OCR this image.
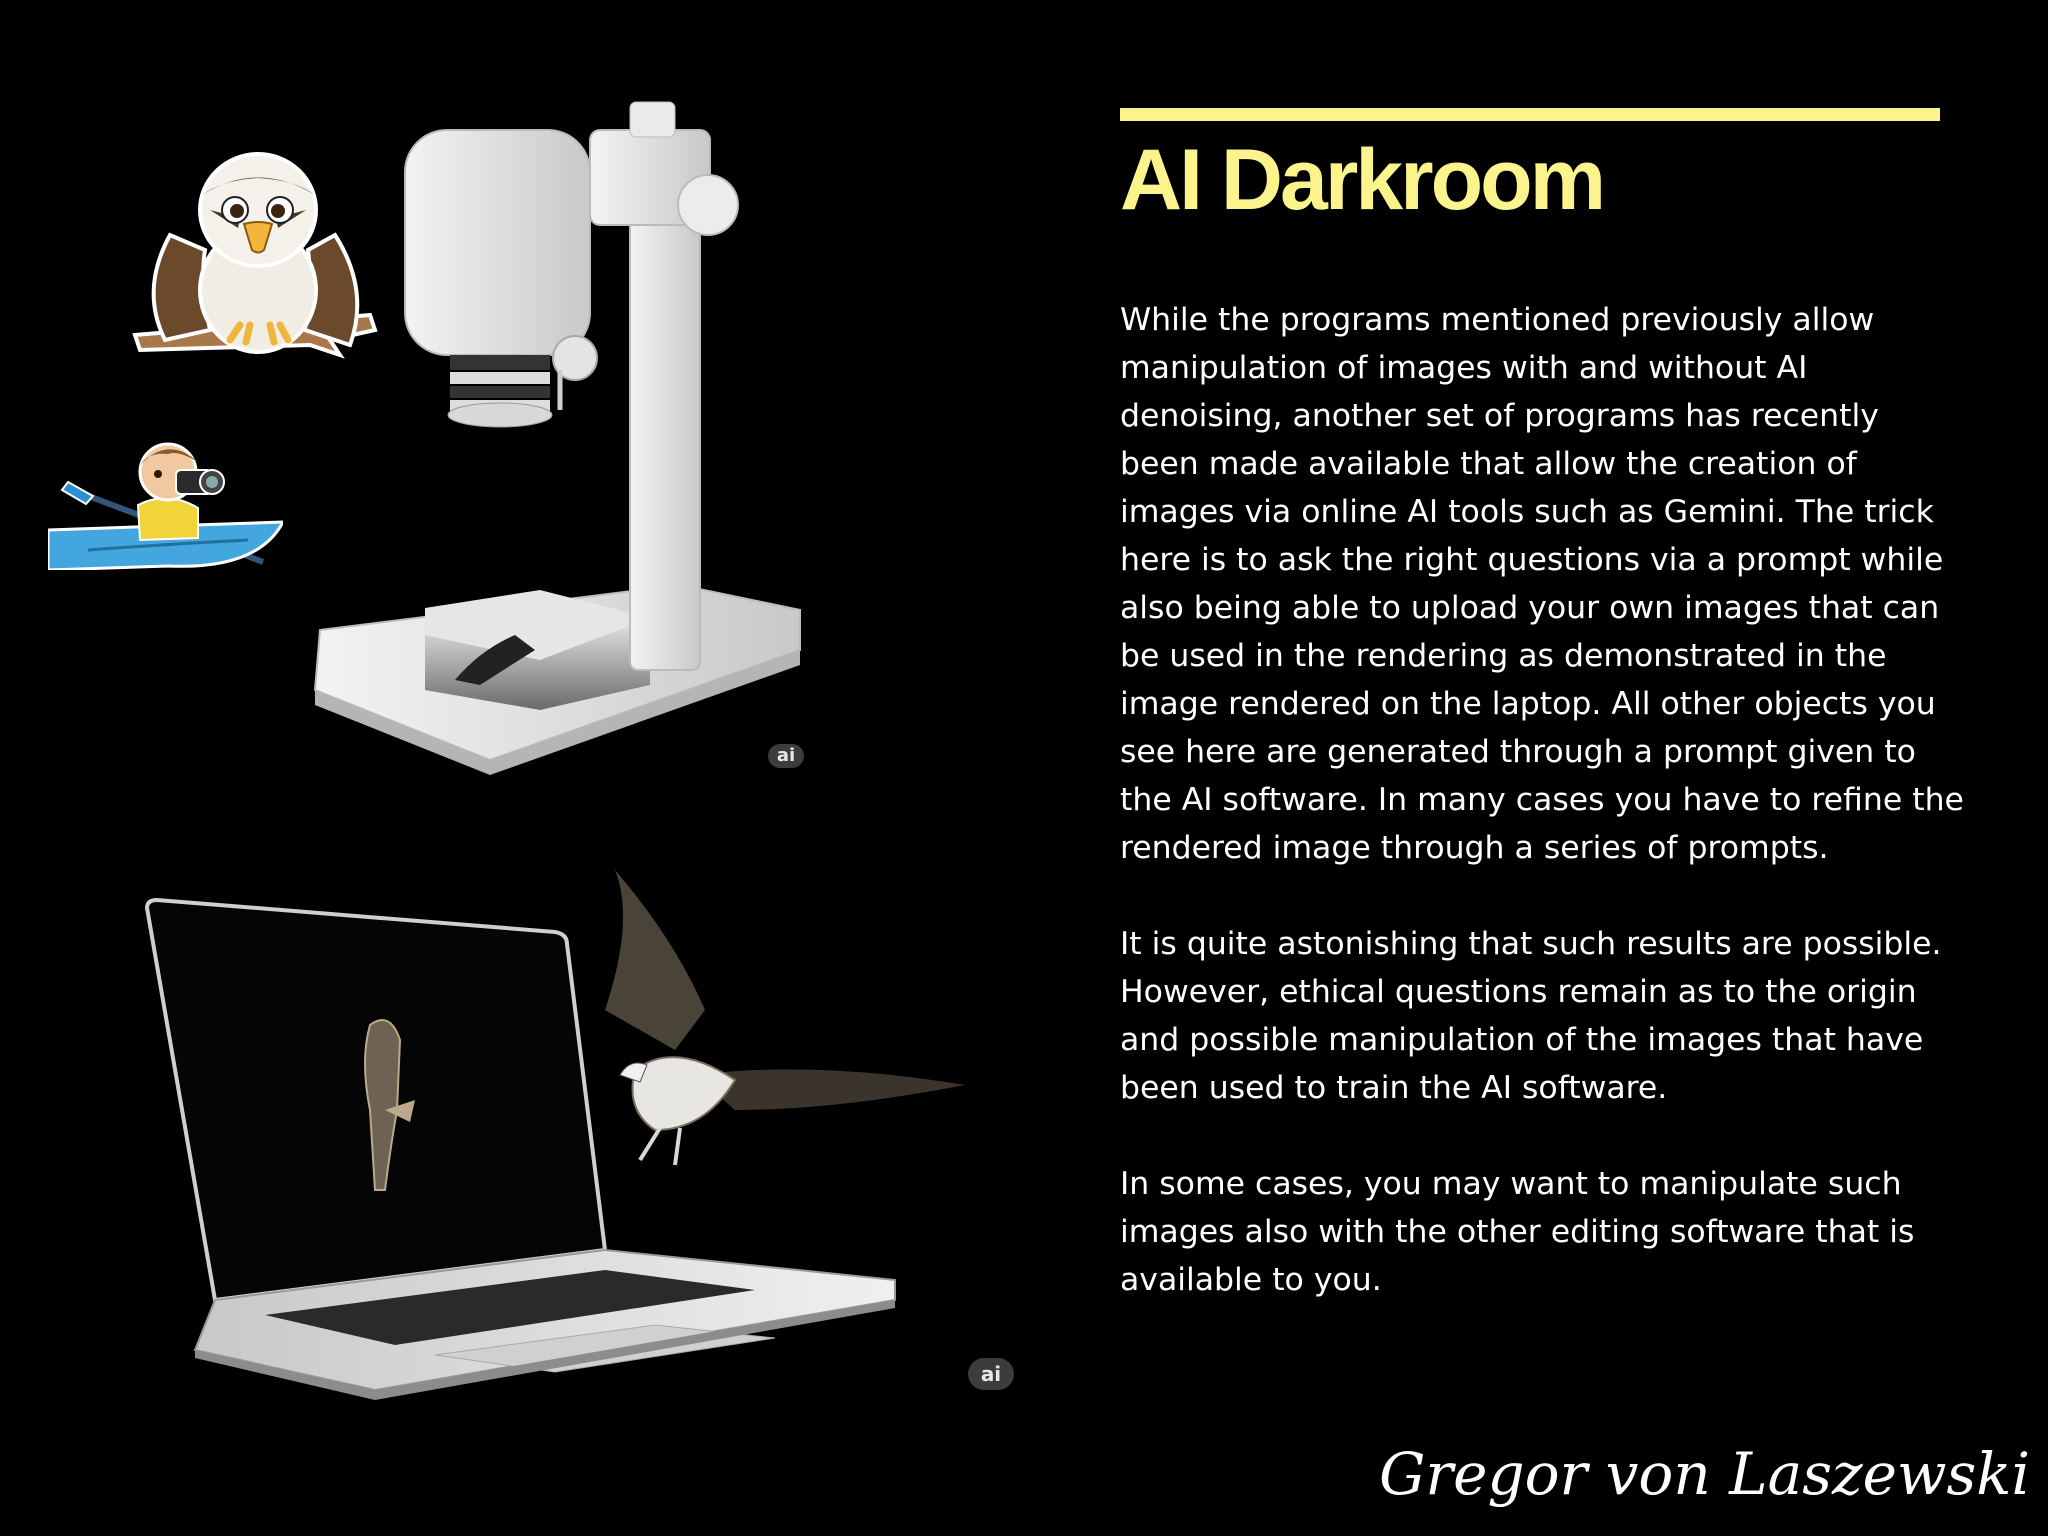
AI Darkroom

While the programs mentioned previously allow manipulation of images with and without AI denoising, another set of programs has recently been made available that allow the creation of images via online AI tools such as Gemini. The trick here is to ask the right questions via a prompt while also being able to upload your own images that can be used in the rendering as demonstrated in the image rendered on the laptop. All other objects you see here are generated through a prompt given to the AI software. In many cases you have to refine the rendered image through a series of prompts.

It is quite astonishing that such results are possible. However, ethical questions remain as to the origin and possible manipulation of the images that have been used to train the AI software.

In some cases, you may want to manipulate such images also with the other editing software that is available to you.

ai
ai

Gregor von Laszewski
